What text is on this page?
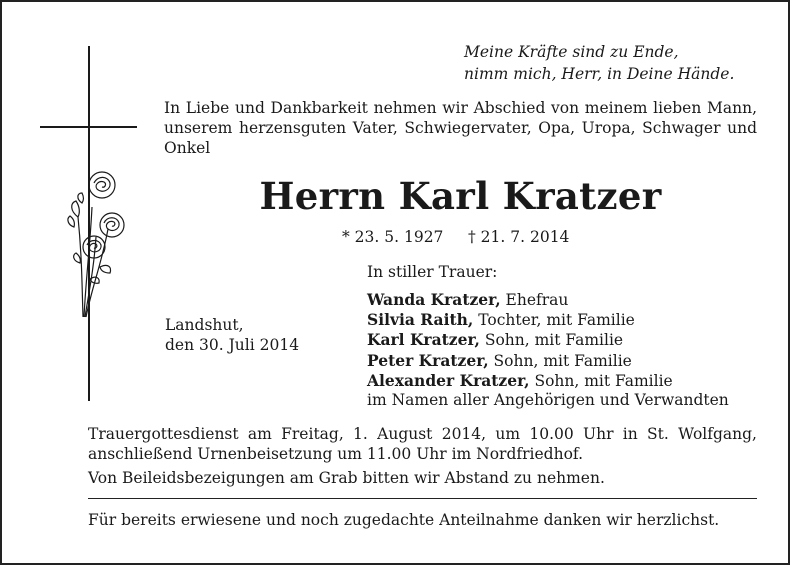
Meine Kräfte sind zu Ende,
nimm mich, Herr, in Deine Hände.
In Liebe und Dankbarkeit nehmen wir Abschied von meinem lieben Mann, unserem herzensguten Vater, Schwiegervater, Opa, Uropa, Schwager und Onkel
Herrn Karl Kratzer
* 23. 5. 1927 † 21. 7. 2014
Landshut,
den 30. Juli 2014
In stiller Trauer:
Wanda Kratzer, Ehefrau
Silvia Raith, Tochter, mit Familie
Karl Kratzer, Sohn, mit Familie
Peter Kratzer, Sohn, mit Familie
Alexander Kratzer, Sohn, mit Familie
im Namen aller Angehörigen und Verwandten
Trauergottesdienst am Freitag, 1. August 2014, um 10.00 Uhr in St. Wolfgang, anschließend Urnenbeisetzung um 11.00 Uhr im Nordfriedhof.
Von Beileidsbezeigungen am Grab bitten wir Abstand zu nehmen.
Für bereits erwiesene und noch zugedachte Anteilnahme danken wir herzlichst.
